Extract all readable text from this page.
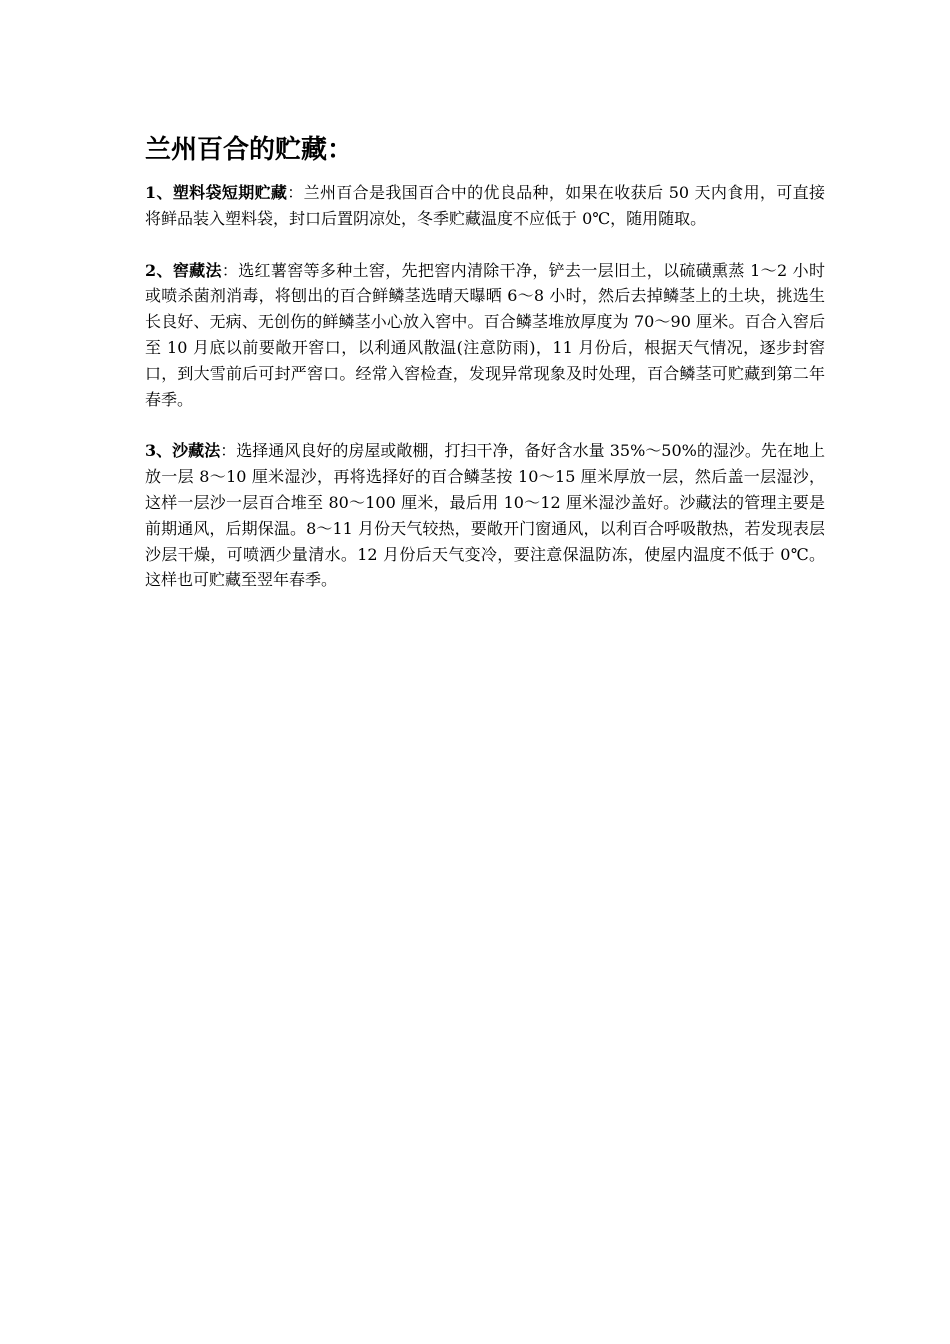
兰州百合的贮藏：

1、塑料袋短期贮藏：兰州百合是我国百合中的优良品种，如果在收获后 50 天内食用，可直接将鲜品装入塑料袋，封口后置阴凉处，冬季贮藏温度不应低于 0℃，随用随取。

2、窖藏法：选红薯窖等多种土窖，先把窖内清除干净，铲去一层旧土，以硫磺熏蒸 1～2 小时或喷杀菌剂消毒，将刨出的百合鲜鳞茎选晴天曝晒 6～8 小时，然后去掉鳞茎上的土块，挑选生长良好、无病、无创伤的鲜鳞茎小心放入窖中。百合鳞茎堆放厚度为 70～90 厘米。百合入窖后至 10 月底以前要敞开窖口，以利通风散温(注意防雨)，11 月份后，根据天气情况，逐步封窖口，到大雪前后可封严窖口。经常入窖检查，发现异常现象及时处理，百合鳞茎可贮藏到第二年春季。

3、沙藏法：选择通风良好的房屋或敞棚，打扫干净，备好含水量 35%～50%的湿沙。先在地上放一层 8～10 厘米湿沙，再将选择好的百合鳞茎按 10～15 厘米厚放一层，然后盖一层湿沙，这样一层沙一层百合堆至 80～100 厘米，最后用 10～12 厘米湿沙盖好。沙藏法的管理主要是前期通风，后期保温。8～11 月份天气较热，要敞开门窗通风，以利百合呼吸散热，若发现表层沙层干燥，可喷洒少量清水。12 月份后天气变冷，要注意保温防冻，使屋内温度不低于 0℃。这样也可贮藏至翌年春季。
